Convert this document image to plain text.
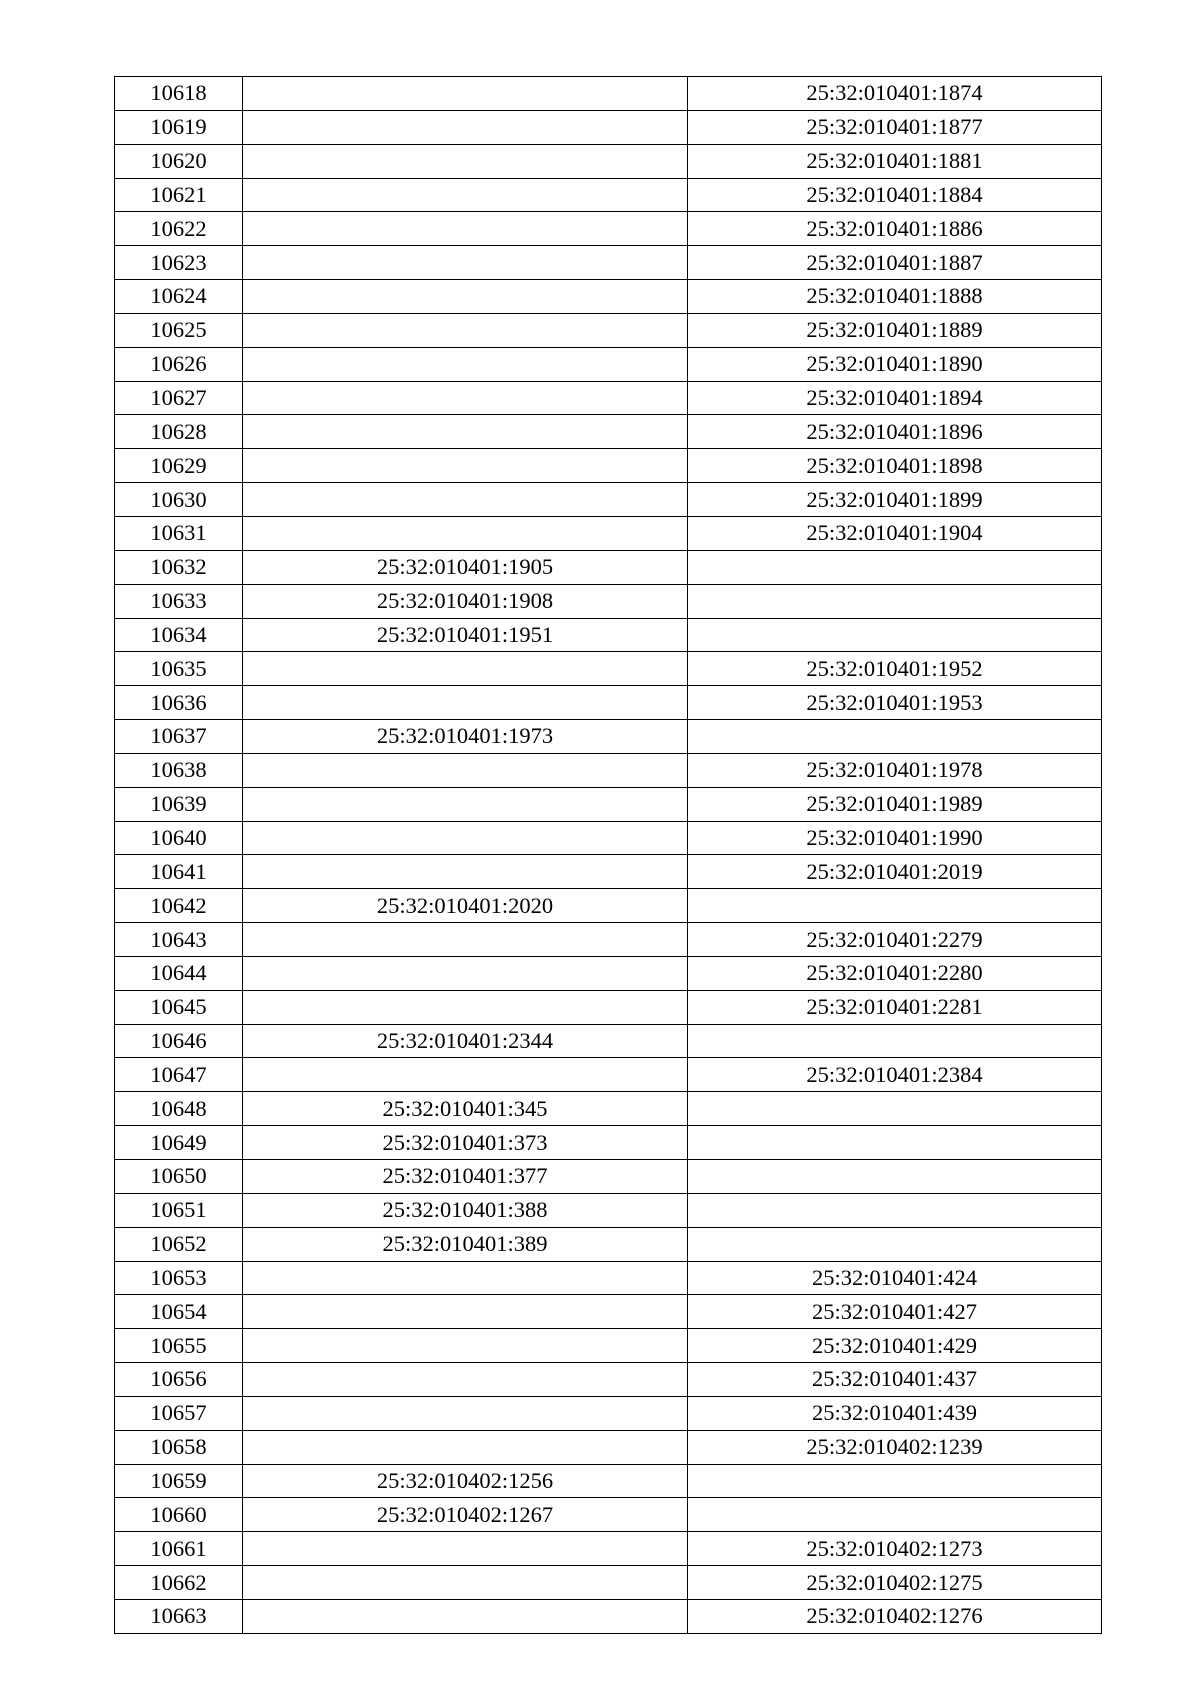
10618		25:32:010401:1874
10619		25:32:010401:1877
10620		25:32:010401:1881
10621		25:32:010401:1884
10622		25:32:010401:1886
10623		25:32:010401:1887
10624		25:32:010401:1888
10625		25:32:010401:1889
10626		25:32:010401:1890
10627		25:32:010401:1894
10628		25:32:010401:1896
10629		25:32:010401:1898
10630		25:32:010401:1899
10631		25:32:010401:1904
10632	25:32:010401:1905	
10633	25:32:010401:1908	
10634	25:32:010401:1951	
10635		25:32:010401:1952
10636		25:32:010401:1953
10637	25:32:010401:1973	
10638		25:32:010401:1978
10639		25:32:010401:1989
10640		25:32:010401:1990
10641		25:32:010401:2019
10642	25:32:010401:2020	
10643		25:32:010401:2279
10644		25:32:010401:2280
10645		25:32:010401:2281
10646	25:32:010401:2344	
10647		25:32:010401:2384
10648	25:32:010401:345	
10649	25:32:010401:373	
10650	25:32:010401:377	
10651	25:32:010401:388	
10652	25:32:010401:389	
10653		25:32:010401:424
10654		25:32:010401:427
10655		25:32:010401:429
10656		25:32:010401:437
10657		25:32:010401:439
10658		25:32:010402:1239
10659	25:32:010402:1256	
10660	25:32:010402:1267	
10661		25:32:010402:1273
10662		25:32:010402:1275
10663		25:32:010402:1276
